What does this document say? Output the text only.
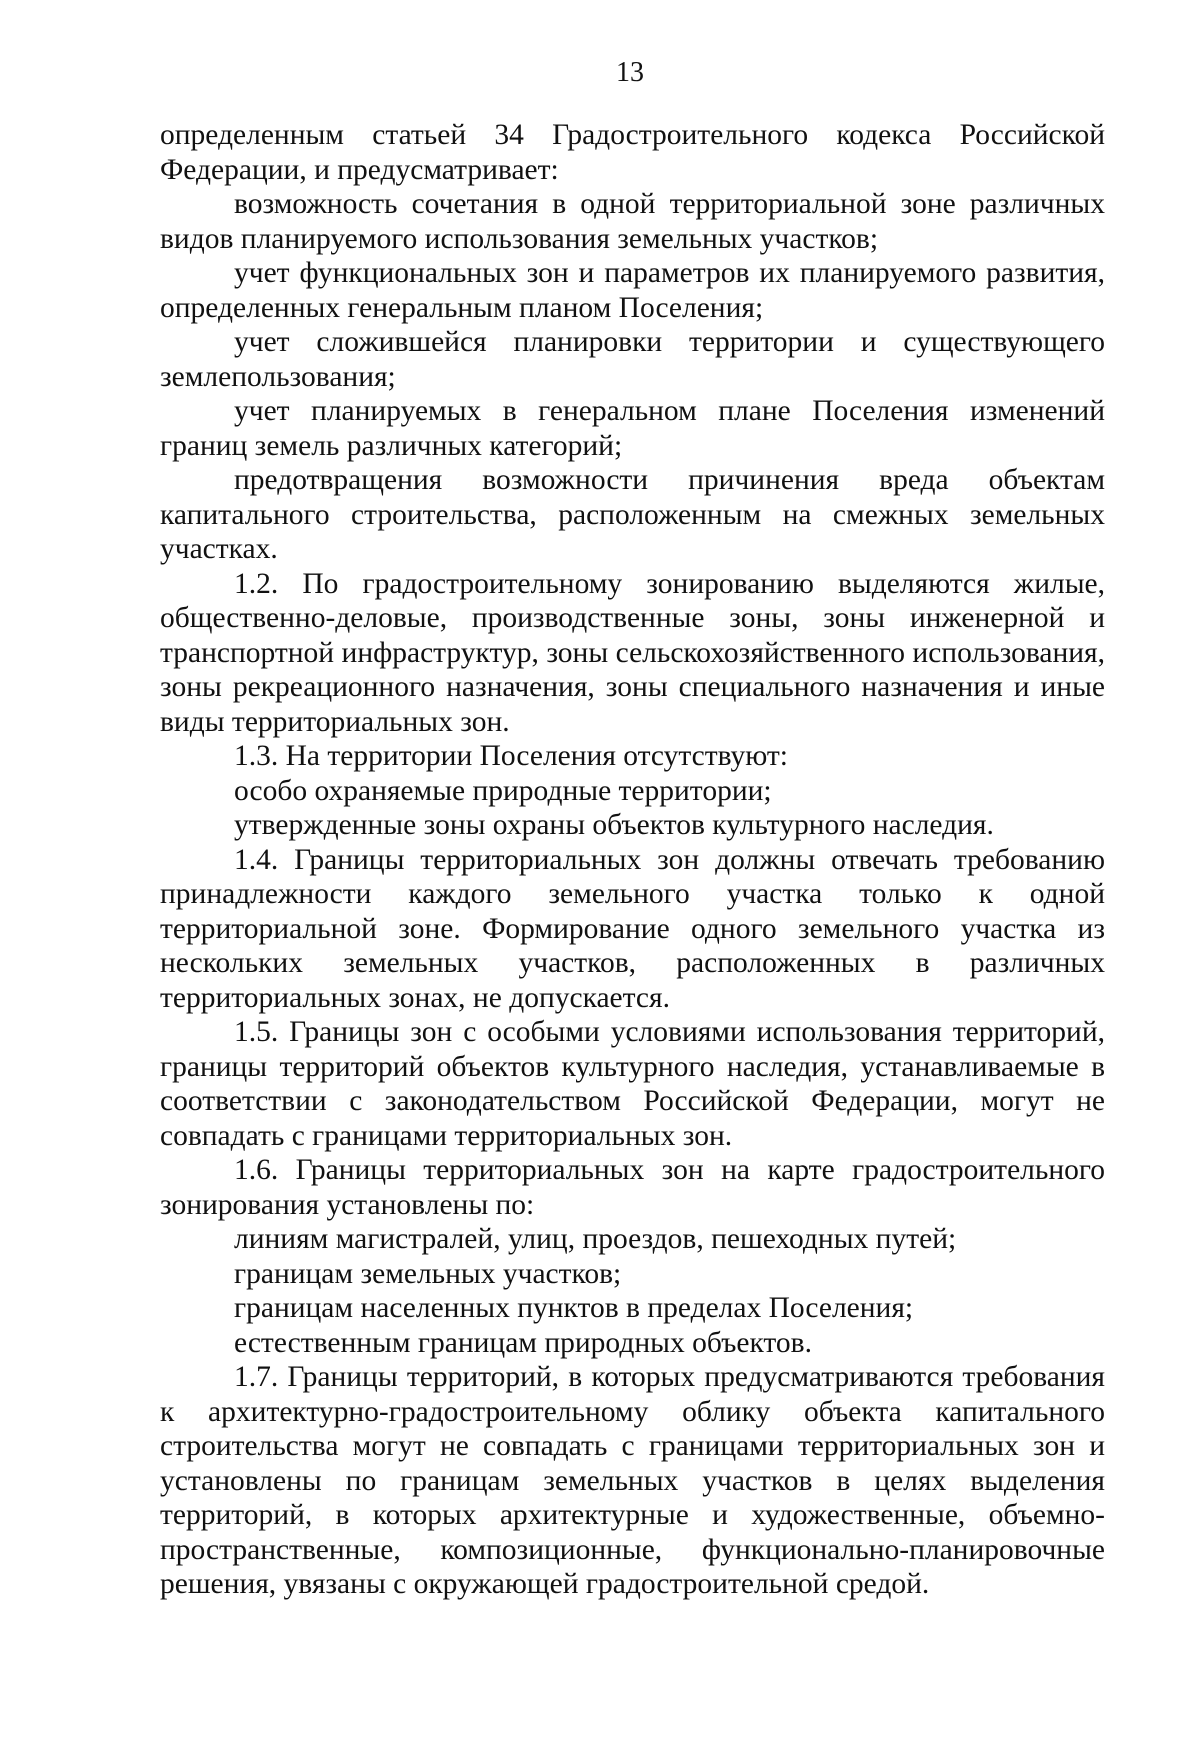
13

определенным статьей 34 Градостроительного кодекса Российской Федерации, и предусматривает:

возможность сочетания в одной территориальной зоне различных видов планируемого использования земельных участков;

учет функциональных зон и параметров их планируемого развития, определенных генеральным планом Поселения;

учет сложившейся планировки территории и существующего землепользования;

учет планируемых в генеральном плане Поселения изменений границ земель различных категорий;

предотвращения возможности причинения вреда объектам капитального строительства, расположенным на смежных земельных участках.

1.2. По градостроительному зонированию выделяются жилые, общественно-деловые, производственные зоны, зоны инженерной и транспортной инфраструктур, зоны сельскохозяйственного использования, зоны рекреационного назначения, зоны специального назначения и иные виды территориальных зон.

1.3. На территории Поселения отсутствуют:

особо охраняемые природные территории;

утвержденные зоны охраны объектов культурного наследия.

1.4. Границы территориальных зон должны отвечать требованию принадлежности каждого земельного участка только к одной территориальной зоне. Формирование одного земельного участка из нескольких земельных участков, расположенных в различных территориальных зонах, не допускается.

1.5. Границы зон с особыми условиями использования территорий, границы территорий объектов культурного наследия, устанавливаемые в соответствии с законодательством Российской Федерации, могут не совпадать с границами территориальных зон.

1.6. Границы территориальных зон на карте градостроительного зонирования установлены по:

линиям магистралей, улиц, проездов, пешеходных путей;

границам земельных участков;

границам населенных пунктов в пределах Поселения;

естественным границам природных объектов.

1.7. Границы территорий, в которых предусматриваются требования к архитектурно-градостроительному облику объекта капитального строительства могут не совпадать с границами территориальных зон и установлены по границам земельных участков в целях выделения территорий, в которых архитектурные и художественные, объемно-пространственные, композиционные, функционально-планировочные решения, увязаны с окружающей градостроительной средой.
